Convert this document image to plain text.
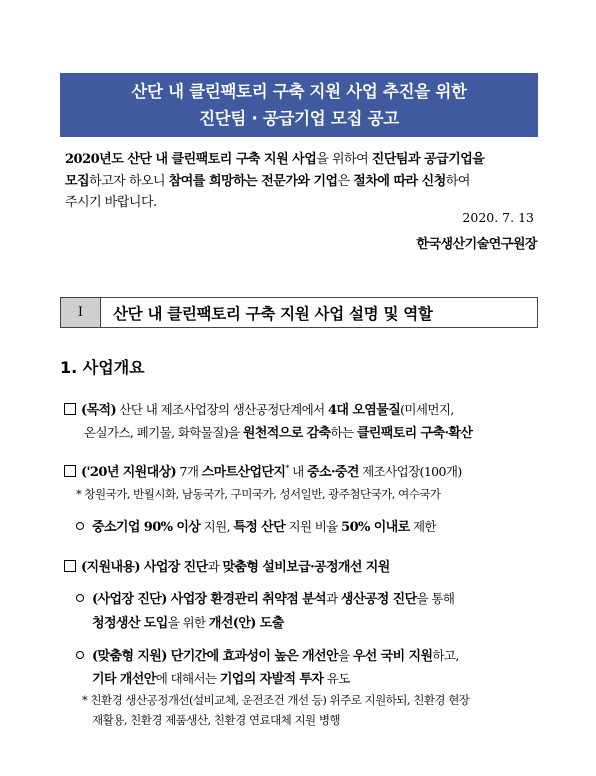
산단 내 클린팩토리 구축 지원 사업 추진을 위한
진단팀 · 공급기업 모집 공고
2020년도 산단 내 클린팩토리 구축 지원 사업을 위하여 진단팀과 공급기업을
모집하고자 하오니 참여를 희망하는 전문가와 기업은 절차에 따라 신청하여
주시기 바랍니다.
2020. 7. 13
한국생산기술연구원장
Ⅰ	산단 내 클린팩토리 구축 지원 사업 설명 및 역할
1. 사업개요
(목적) 산단 내 제조사업장의 생산공정단계에서 4대 오염물질(미세먼지,
온실가스, 폐기물, 화학물질)을 원천적으로 감축하는 클린팩토리 구축·확산
('20년 지원대상) 7개 스마트산업단지* 내 중소·중견 제조사업장(100개)
* 창원국가, 반월시화, 남동국가, 구미국가, 성서일반, 광주첨단국가, 여수국가
중소기업 90% 이상 지원, 특정 산단 지원 비율 50% 이내로 제한
(지원내용) 사업장 진단과 맞춤형 설비보급·공정개선 지원
(사업장 진단) 사업장 환경관리 취약점 분석과 생산공정 진단을 통해
청정생산 도입을 위한 개선(안) 도출
(맞춤형 지원) 단기간에 효과성이 높은 개선안을 우선 국비 지원하고,
기타 개선안에 대해서는 기업의 자발적 투자 유도
* 친환경 생산공정개선(설비교체, 운전조건 개선 등) 위주로 지원하되, 친환경 현장
재활용, 친환경 제품생산, 친환경 연료대체 지원 병행
